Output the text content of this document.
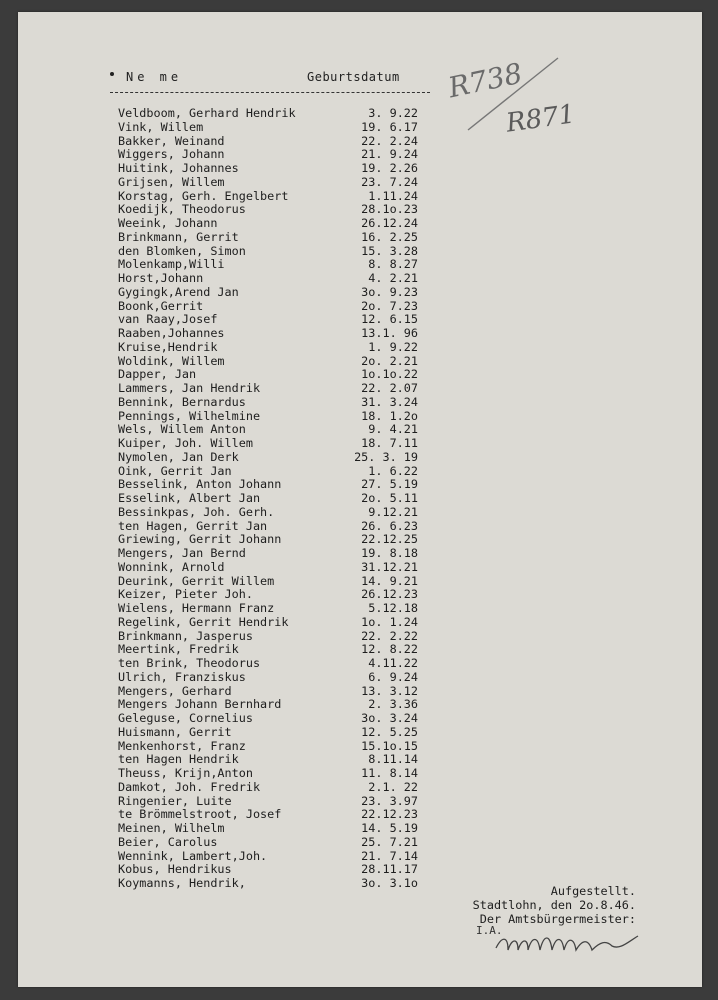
Ne me	Geburtsdatum R738
R871
Veldboom, Gerhard Hendrik	3. 9.22
Vink, Willem	19. 6.17
Bakker, Weinand	22. 2.24
Wiggers, Johann	21. 9.24
Huitink, Johannes	19. 2.26
Grijsen, Willem	23. 7.24
Korstag, Gerh. Engelbert	1.11.24
Koedijk, Theodorus	28.1o.23
Weeink, Johann	26.12.24
Brinkmann, Gerrit	16. 2.25
den Blomken, Simon	15. 3.28
Molenkamp,Willi	8. 8.27
Horst,Johann	4. 2.21
Gygingk,Arend Jan	3o. 9.23
Boonk,Gerrit	2o. 7.23
van Raay,Josef	12. 6.15
Raaben,Johannes	13.1. 96
Kruise,Hendrik	1. 9.22
Woldink, Willem	2o. 2.21
Dapper, Jan	1o.1o.22
Lammers, Jan Hendrik	22. 2.07
Bennink, Bernardus	31. 3.24
Pennings, Wilhelmine	18. 1.2o
Wels, Willem Anton	9. 4.21
Kuiper, Joh. Willem	18. 7.11
Nymolen, Jan Derk	25. 3. 19
Oink, Gerrit Jan	1. 6.22
Besselink, Anton Johann	27. 5.19
Esselink, Albert Jan	2o. 5.11
Bessinkpas, Joh. Gerh.	9.12.21
ten Hagen, Gerrit Jan	26. 6.23
Griewing, Gerrit Johann	22.12.25
Mengers, Jan Bernd	19. 8.18
Wonnink, Arnold	31.12.21
Deurink, Gerrit Willem	14. 9.21
Keizer, Pieter Joh.	26.12.23
Wielens, Hermann Franz	5.12.18
Regelink, Gerrit Hendrik	1o. 1.24
Brinkmann, Jasperus	22. 2.22
Meertink, Fredrik	12. 8.22
ten Brink, Theodorus	4.11.22
Ulrich, Franziskus	6. 9.24
Mengers, Gerhard	13. 3.12
Mengers Johann Bernhard	2. 3.36
Geleguse, Cornelius	3o. 3.24
Huismann, Gerrit	12. 5.25
Menkenhorst, Franz	15.1o.15
ten Hagen Hendrik	8.11.14
Theuss, Krijn,Anton	11. 8.14
Damkot, Joh. Fredrik	2.1. 22
Ringenier, Luite	23. 3.97
te Brömmelstroot, Josef	22.12.23
Meinen, Wilhelm	14. 5.19
Beier, Carolus	25. 7.21
Wennink, Lambert,Joh.	21. 7.14
Kobus, Hendrikus	28.11.17
Koymanns, Hendrik,	3o. 3.1o
Aufgestellt.
Stadtlohn, den 2o.8.46.
Der Amtsbürgermeister:
I.A.
